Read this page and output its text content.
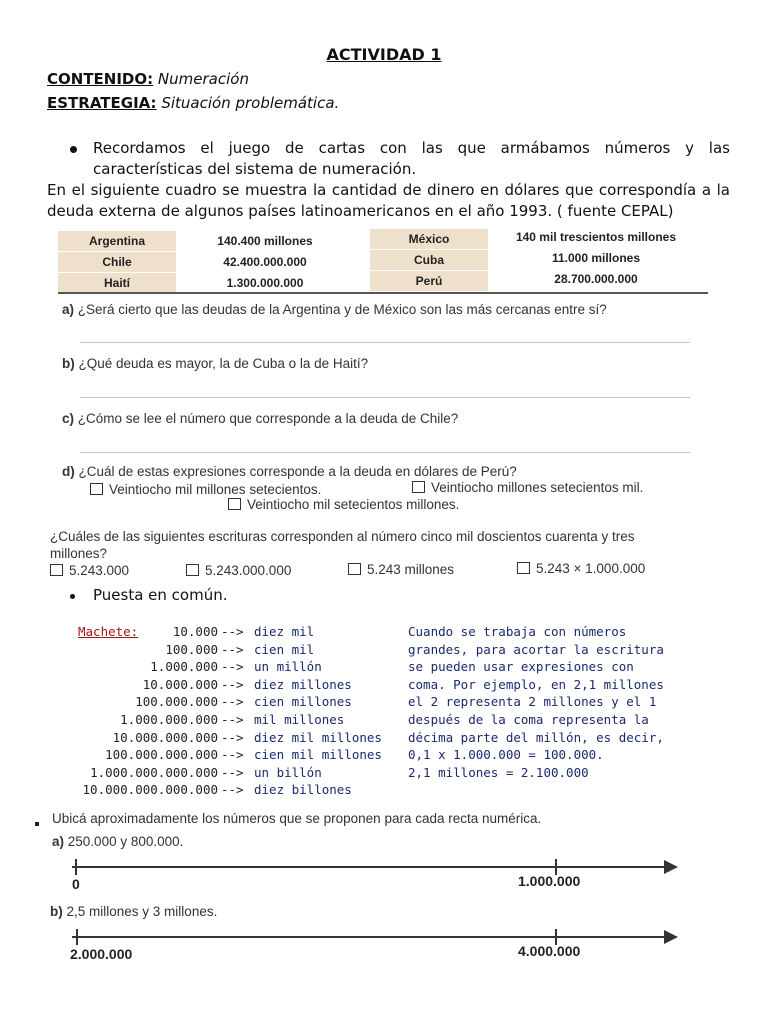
ACTIVIDAD 1
CONTENIDO: Numeración
ESTRATEGIA: Situación problemática.
Recordamos el juego de cartas con las que armábamos números y las características del sistema de numeración.
En el siguiente cuadro se muestra la cantidad de dinero en dólares que correspondía a la deuda externa de algunos países latinoamericanos en el año 1993. ( fuente CEPAL)
Argentina	140.400 millones	México	140 mil trescientos millones
Chile	42.400.000.000	Cuba	11.000 millones
Haití	1.300.000.000	Perú	28.700.000.000
a) ¿Será cierto que las deudas de la Argentina y de México son las más cercanas entre sí?
b) ¿Qué deuda es mayor, la de Cuba o la de Haití?
c) ¿Cómo se lee el número que corresponde a la deuda de Chile?
d) ¿Cuál de estas expresiones corresponde a la deuda en dólares de Perú?
Veintiocho mil millones setecientos.	Veintiocho millones setecientos mil.
Veintiocho mil setecientos millones.
¿Cuáles de las siguientes escrituras corresponden al número cinco mil doscientos cuarenta y tres millones?
5.243.000	5.243.000.000	5.243 millones	5.243 × 1.000.000
Puesta en común.
Machete:	10.000 --> diez mil
100.000 --> cien mil
1.000.000 --> un millón
10.000.000 --> diez millones
100.000.000 --> cien millones
1.000.000.000 --> mil millones
10.000.000.000 --> diez mil millones
100.000.000.000 --> cien mil millones
1.000.000.000.000 --> un billón
10.000.000.000.000 --> diez billones
Cuando se trabaja con números
grandes, para acortar la escritura
se pueden usar expresiones con
coma. Por ejemplo, en 2,1 millones
el 2 representa 2 millones y el 1
después de la coma representa la
décima parte del millón, es decir,
0,1 x 1.000.000 = 100.000.
2,1 millones = 2.100.000
Ubicá aproximadamente los números que se proponen para cada recta numérica.
a) 250.000 y 800.000.
0	1.000.000
b) 2,5 millones y 3 millones.
2.000.000	4.000.000
